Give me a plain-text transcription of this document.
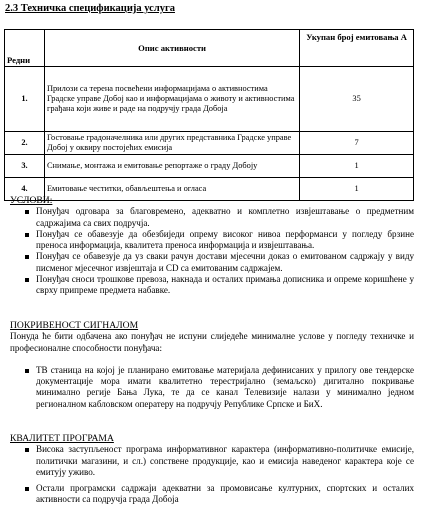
2.3 Техничка спецификација услуга
Редни	Опис активности	Укупан број емитовања А
1.	Прилози са терена посвећени информацијама о активностима Градске управе Добој као и информацијама о животу и активностима грађана који живе и раде на подручју града Добоја	35
2.	Гостовање градоначелника или других представника Градске управе Добој у оквиру постојећих емисија	7
3.	Снимање, монтажа и емитовање репортаже о граду Добоју	1
4.	Емитовање честитки, обављештења и огласа	1
УСЛОВИ:
Понуђач одговара за благовремено, адекватно и комплетно извјештавање о предметним садржајима са свих подручја.
Понуђач се обавезује да обезбиједи опрему високог нивоа перформанси у погледу брзине преноса информација, квалитета преноса информација и извјештавања.
Понуђач се обавезује да уз сваки рачун достави мјесечни доказ о емитованом садржају у виду писменог мјесечног извјештаја и CD са емитованим садржајем.
Понуђач сноси трошкове превоза, накнада и осталих примања дописника и опреме коришћене у сврху припреме предмета набавке.
ПОКРИВЕНОСТ СИГНАЛОМ
Понуда ће бити одбачена ако понуђач не испуни слиједеће минималне услове у погледу техничке и професионалне способности понуђача:
ТВ станица на којој је планирано емитовање материјала дефинисаних у прилогу ове тендерске документације мора имати квалитетно терестријално (земаљско) дигитално покривање минимално регије Бања Лука, те да се канал Телевизије налази у минимално једном регионалном кабловском оператеру на подручју Републике Српске и БиХ.
КВАЛИТЕТ ПРОГРАМА
Висока заступљеност програма информативног карактера (информативно-политичке емисије, политички магазини, и сл.) сопствене продукције, као и емисија наведеног карактера које се емитују уживо.
Остали програмски садржаји адекватни за промовисање културних, спортских и осталих активности са подручја града Добоја
